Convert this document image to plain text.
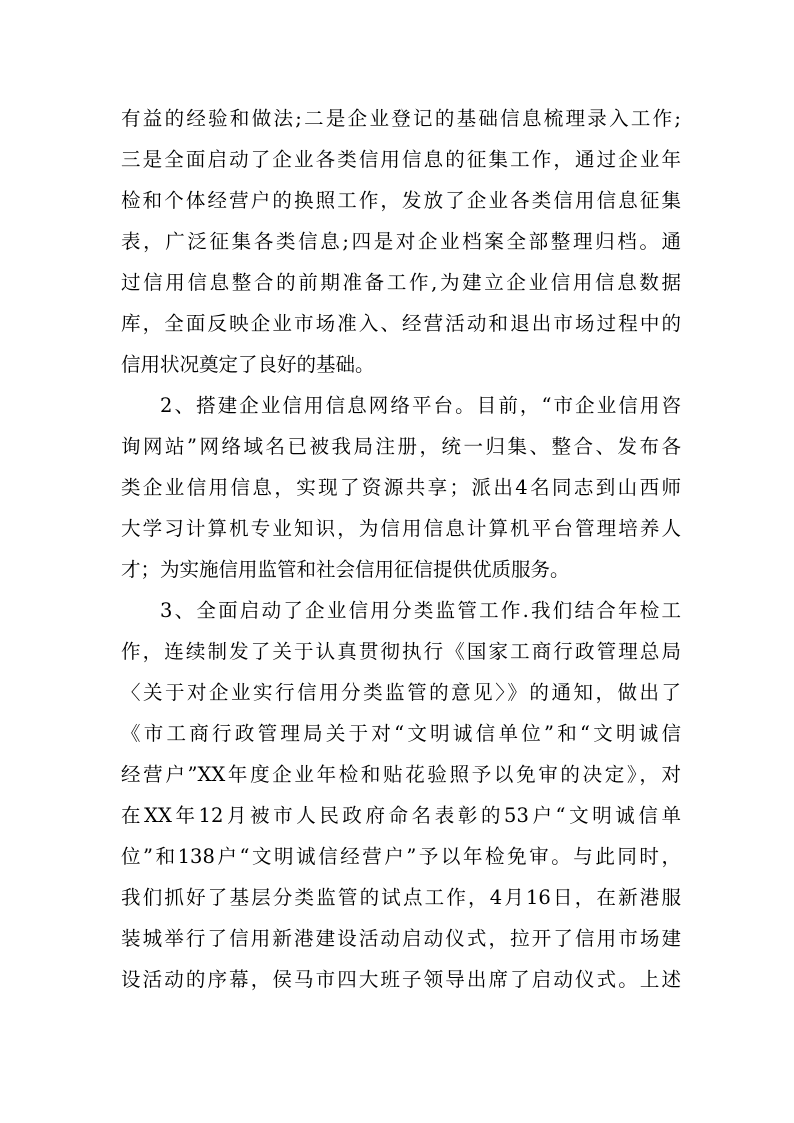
有益的经验和做法;二是企业登记的基础信息梳理录入工作;
三是全面启动了企业各类信用信息的征集工作，通过企业年
检和个体经营户的换照工作，发放了企业各类信用信息征集
表，广泛征集各类信息;四是对企业档案全部整理归档。通
过信用信息整合的前期准备工作,为建立企业信用信息数据
库，全面反映企业市场准入、经营活动和退出市场过程中的
信用状况奠定了良好的基础。
2、搭建企业信用信息网络平台。目前，“市企业信用咨
询网站”网络域名已被我局注册，统一归集、整合、发布各
类企业信用信息，实现了资源共享；派出4名同志到山西师
大学习计算机专业知识，为信用信息计算机平台管理培养人
才；为实施信用监管和社会信用征信提供优质服务。
3、全面启动了企业信用分类监管工作.我们结合年检工
作，连续制发了关于认真贯彻执行《国家工商行政管理总局
〈关于对企业实行信用分类监管的意见〉》的通知，做出了
《市工商行政管理局关于对“文明诚信单位”和“文明诚信
经营户”XX年度企业年检和贴花验照予以免审的决定》，对
在XX年12月被市人民政府命名表彰的53户“文明诚信单
位”和138户“文明诚信经营户”予以年检免审。与此同时，
我们抓好了基层分类监管的试点工作，4月16日，在新港服
装城举行了信用新港建设活动启动仪式，拉开了信用市场建
设活动的序幕，侯马市四大班子领导出席了启动仪式。上述
